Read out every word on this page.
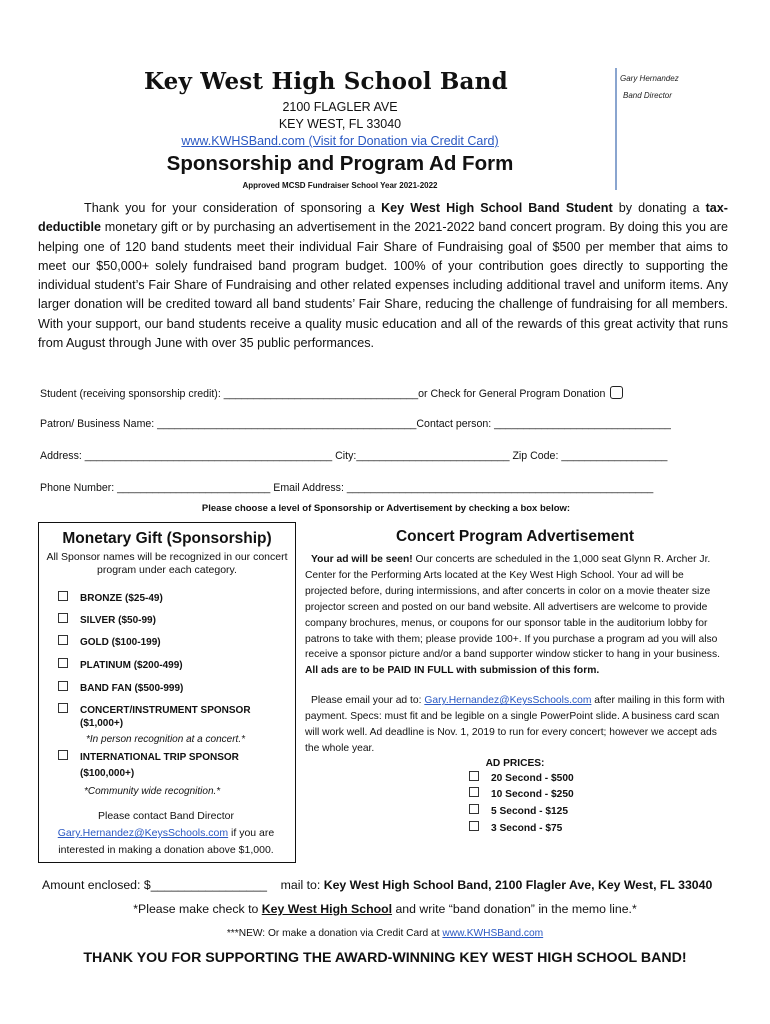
Key West High School Band
2100 FLAGLER AVE
KEY WEST, FL 33040
www.KWHSBand.com (Visit for Donation via Credit Card)
Gary Hernandez
Band Director
Sponsorship and Program Ad Form
Approved MCSD Fundraiser School Year 2021-2022
Thank you for your consideration of sponsoring a Key West High School Band Student by donating a tax-deductible monetary gift or by purchasing an advertisement in the 2021-2022 band concert program. By doing this you are helping one of 120 band students meet their individual Fair Share of Fundraising goal of $500 per member that aims to meet our $50,000+ solely fundraised band program budget. 100% of your contribution goes directly to supporting the individual student’s Fair Share of Fundraising and other related expenses including additional travel and uniform items. Any larger donation will be credited toward all band students’ Fair Share, reducing the challenge of fundraising for all members. With your support, our band students receive a quality music education and all of the rewards of this great activity that runs from August through June with over 35 public performances.
Student (receiving sponsorship credit): _________________________________or Check for General Program Donation
Patron/ Business Name: ____________________________________________Contact person: ______________________________
Address: __________________________________________ City:__________________________ Zip Code: __________________
Phone Number: __________________________ Email Address: ____________________________________________________
Please choose a level of Sponsorship or Advertisement by checking a box below:
Monetary Gift (Sponsorship)
All Sponsor names will be recognized in our concert program under each category.
BRONZE ($25-49)
SILVER ($50-99)
GOLD ($100-199)
PLATINUM ($200-499)
BAND FAN ($500-999)
CONCERT/INSTRUMENT SPONSOR
($1,000+)
*In person recognition at a concert.*
INTERNATIONAL TRIP SPONSOR
($100,000+)
*Community wide recognition.*
Please contact Band Director
Gary.Hernandez@KeysSchools.com if you are interested in making a donation above $1,000.
Concert Program Advertisement
Your ad will be seen! Our concerts are scheduled in the 1,000 seat Glynn R. Archer Jr. Center for the Performing Arts located at the Key West High School. Your ad will be projected before, during intermissions, and after concerts in color on a movie theater size projector screen and posted on our band website. All advertisers are welcome to provide company brochures, menus, or coupons for our sponsor table in the auditorium lobby for patrons to take with them; please provide 100+. If you purchase a program ad you will also receive a sponsor picture and/or a band supporter window sticker to hang in your business. All ads are to be PAID IN FULL with submission of this form.
Please email your ad to: Gary.Hernandez@KeysSchools.com after mailing in this form with payment. Specs: must fit and be legible on a single PowerPoint slide. A business card scan will work well. Ad deadline is Nov. 1, 2019 to run for every concert; however we accept ads the whole year.
AD PRICES:
20 Second - $500
10 Second - $250
5 Second - $125
3 Second - $75
Amount enclosed: $_________________ mail to: Key West High School Band, 2100 Flagler Ave, Key West, FL 33040
*Please make check to Key West High School and write “band donation” in the memo line.*
***NEW: Or make a donation via Credit Card at www.KWHSBand.com
THANK YOU FOR SUPPORTING THE AWARD-WINNING KEY WEST HIGH SCHOOL BAND!
